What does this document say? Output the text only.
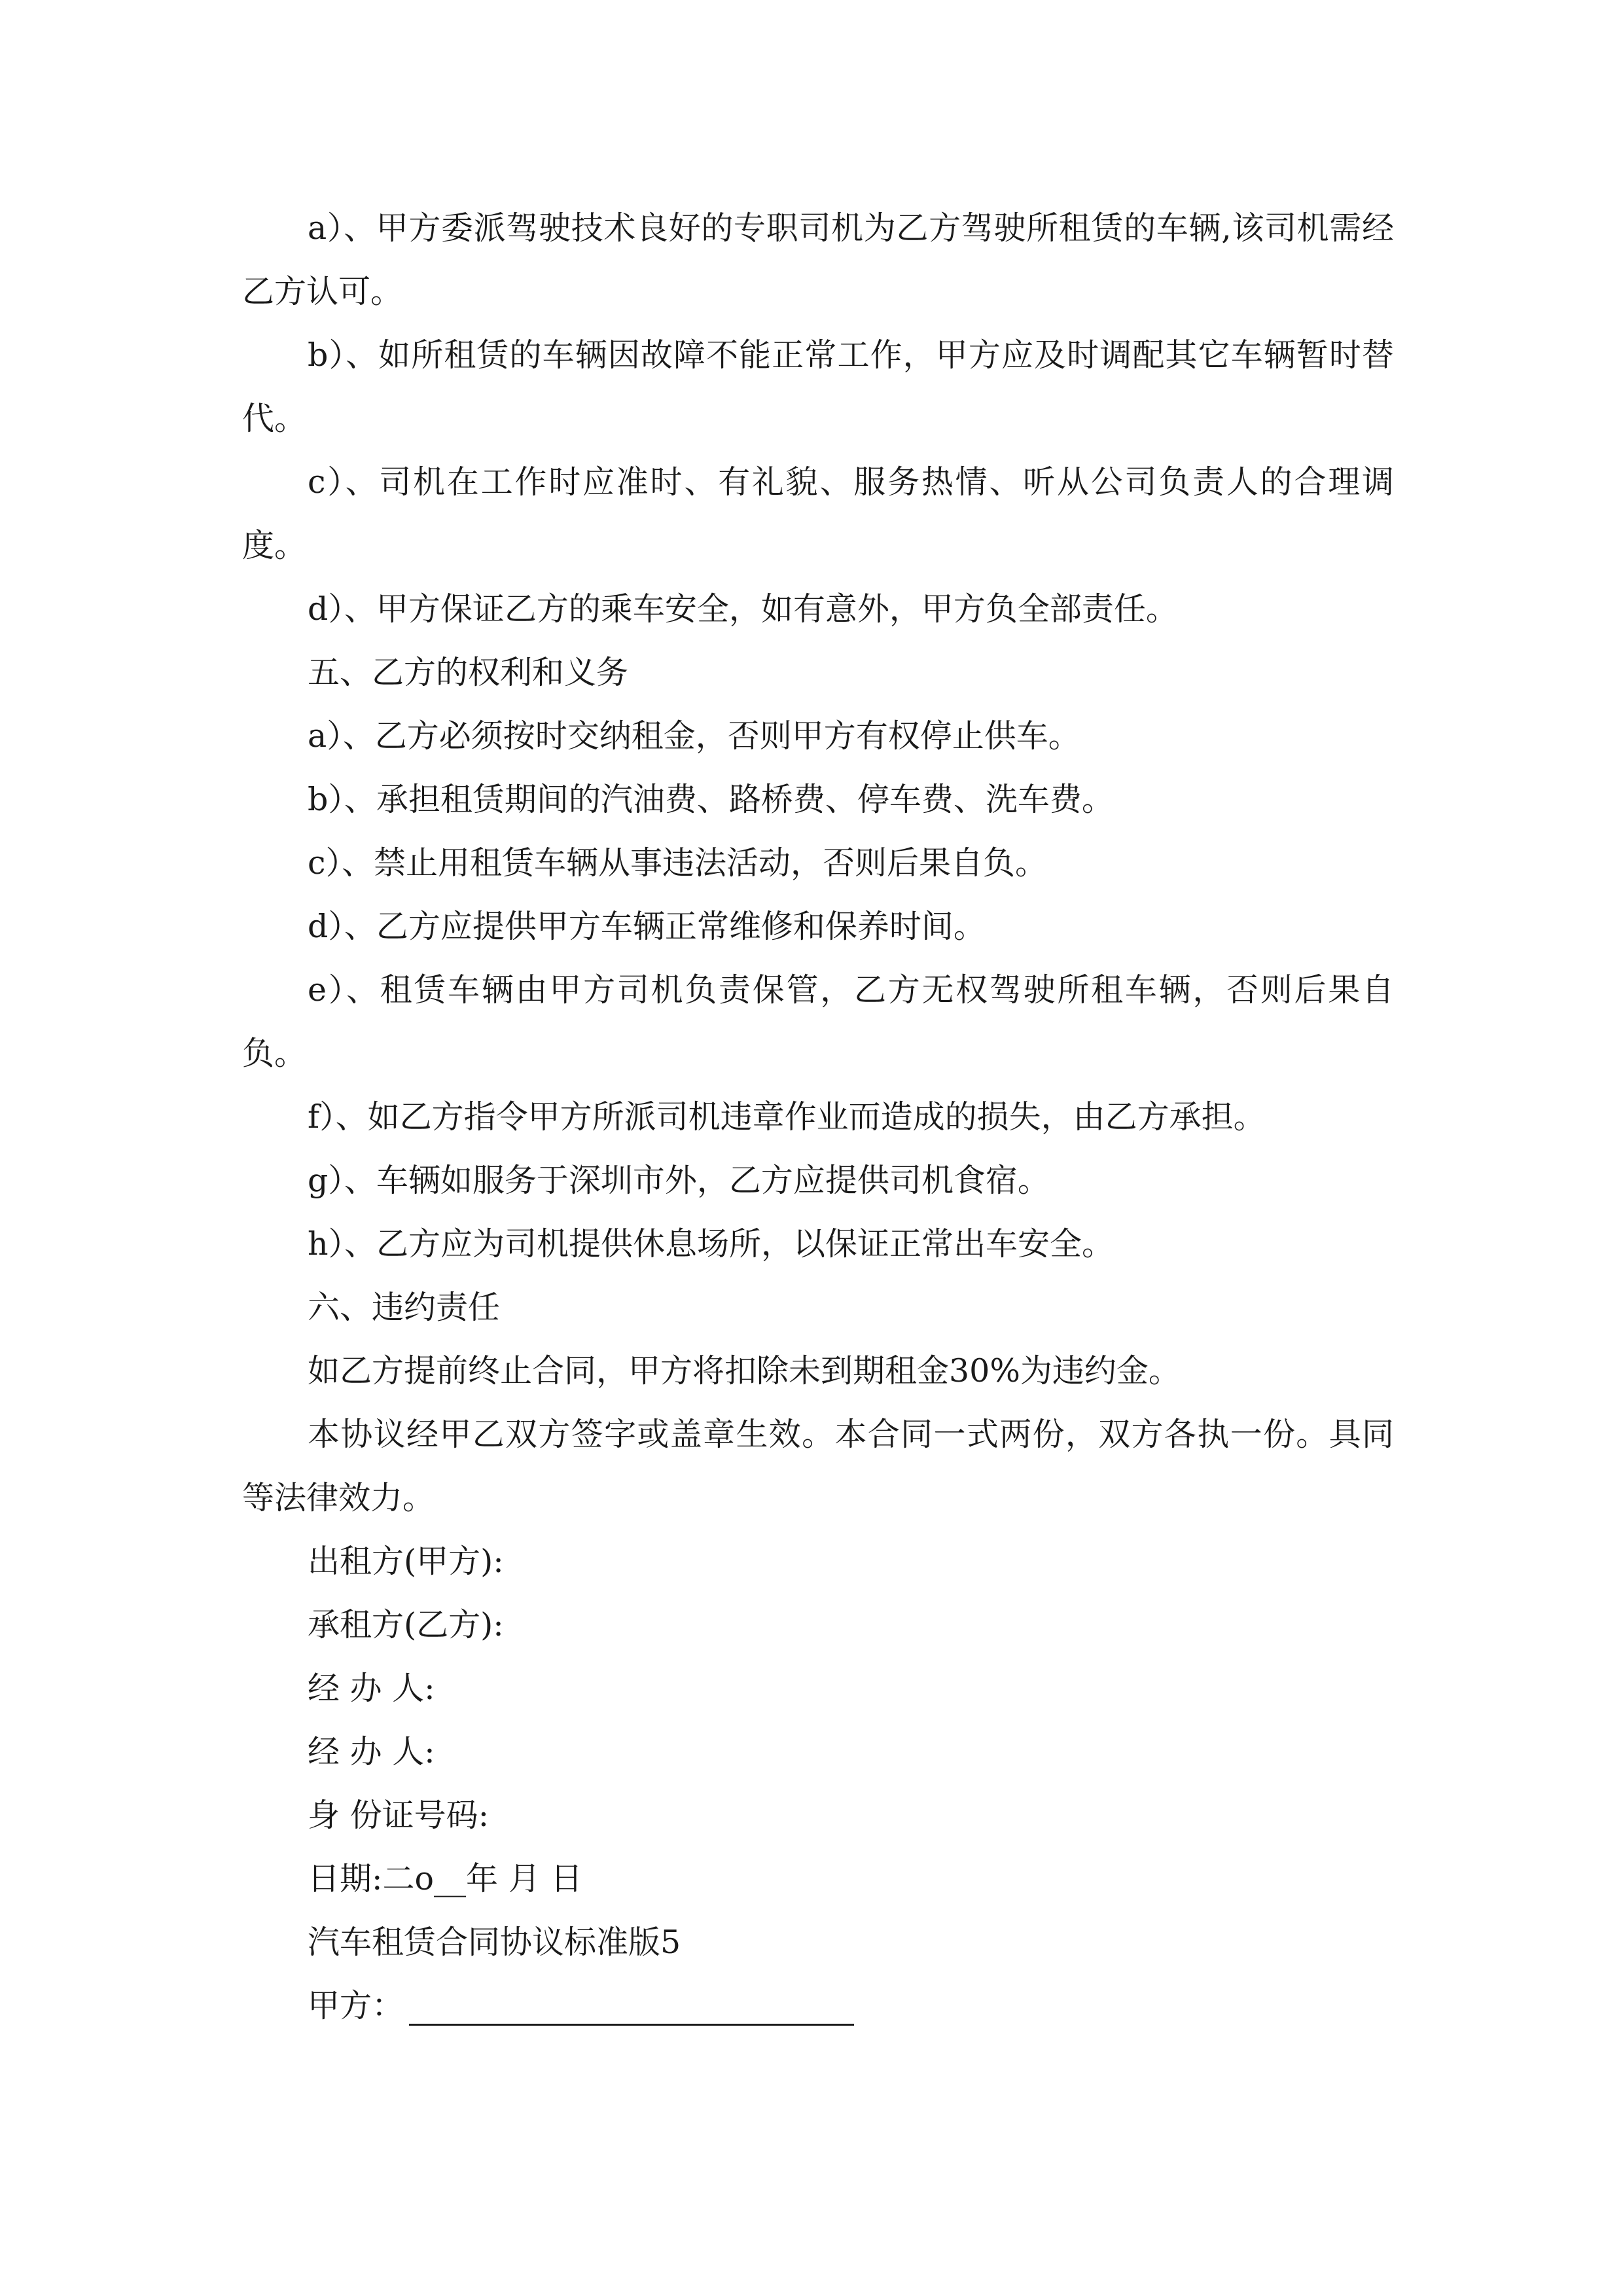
a）、甲方委派驾驶技术良好的专职司机为乙方驾驶所租赁的车辆,该司机需经乙方认可。

b）、如所租赁的车辆因故障不能正常工作，甲方应及时调配其它车辆暂时替代。

c）、司机在工作时应准时、有礼貌、服务热情、听从公司负责人的合理调度。

d）、甲方保证乙方的乘车安全，如有意外，甲方负全部责任。

五、乙方的权利和义务

a）、乙方必须按时交纳租金，否则甲方有权停止供车。

b）、承担租赁期间的汽油费、路桥费、停车费、洗车费。

c）、禁止用租赁车辆从事违法活动，否则后果自负。

d）、乙方应提供甲方车辆正常维修和保养时间。

e）、租赁车辆由甲方司机负责保管，乙方无权驾驶所租车辆，否则后果自负。

f）、如乙方指令甲方所派司机违章作业而造成的损失，由乙方承担。

g）、车辆如服务于深圳市外，乙方应提供司机食宿。

h）、乙方应为司机提供休息场所，以保证正常出车安全。

六、违约责任

如乙方提前终止合同，甲方将扣除未到期租金30%为违约金。

本协议经甲乙双方签字或盖章生效。本合同一式两份，双方各执一份。具同等法律效力。

出租方(甲方):

承租方(乙方):

经 办 人:

经 办 人:

身 份证号码:

日期:二o__年 月 日

汽车租赁合同协议标准版5

甲方：
